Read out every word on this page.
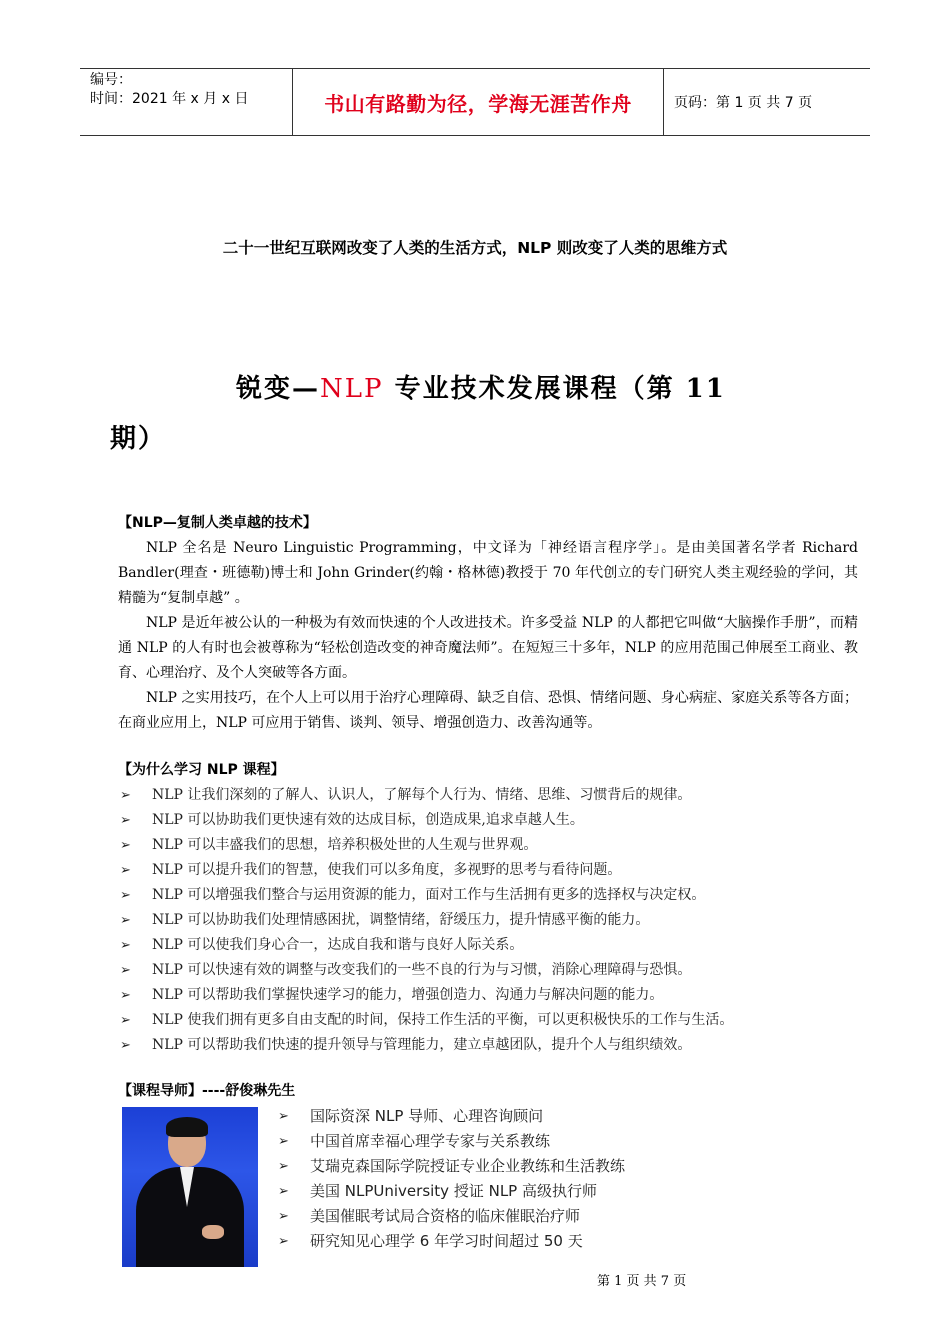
编号：
时间：2021 年 x 月 x 日	书山有路勤为径，学海无涯苦作舟	页码：第 1 页 共 7 页
二十一世纪互联网改变了人类的生活方式，NLP 则改变了人类的思维方式
锐变—NLP 专业技术发展课程（第 11
期）
【NLP—复制人类卓越的技术】

NLP 全名是 Neuro Linguistic Programming，中文译为「神经语言程序学」。是由美国著名学者 Richard Bandler(理查・班德勒)博士和 John Grinder(约翰・格林德)教授于 70 年代创立的专门研究人类主观经验的学问，其精髓为“复制卓越” 。

NLP 是近年被公认的一种极为有效而快速的个人改进技术。许多受益 NLP 的人都把它叫做“大脑操作手册”，而精通 NLP 的人有时也会被尊称为“轻松创造改变的神奇魔法师”。在短短三十多年，NLP 的应用范围己伸展至工商业、教育、心理治疗、及个人突破等各方面。

NLP 之实用技巧，在个人上可以用于治疗心理障碍、缺乏自信、恐惧、情绪问题、身心病症、家庭关系等各方面；在商业应用上，NLP 可应用于销售、谈判、领导、增强创造力、改善沟通等。

【为什么学习 NLP 课程】
➢ NLP 让我们深刻的了解人、认识人，了解每个人行为、情绪、思维、习惯背后的规律。
➢ NLP 可以协助我们更快速有效的达成目标，创造成果,追求卓越人生。
➢ NLP 可以丰盛我们的思想，培养积极处世的人生观与世界观。
➢ NLP 可以提升我们的智慧，使我们可以多角度，多视野的思考与看待问题。
➢ NLP 可以增强我们整合与运用资源的能力，面对工作与生活拥有更多的选择权与决定权。
➢ NLP 可以协助我们处理情感困扰，调整情绪，舒缓压力，提升情感平衡的能力。
➢ NLP 可以使我们身心合一，达成自我和谐与良好人际关系。
➢ NLP 可以快速有效的调整与改变我们的一些不良的行为与习惯，消除心理障碍与恐惧。
➢ NLP 可以帮助我们掌握快速学习的能力，增强创造力、沟通力与解决问题的能力。
➢ NLP 使我们拥有更多自由支配的时间，保持工作生活的平衡，可以更积极快乐的工作与生活。
➢ NLP 可以帮助我们快速的提升领导与管理能力，建立卓越团队，提升个人与组织绩效。
【课程导师】----舒俊琳先生
➢ 国际资深 NLP 导师、心理咨询顾问
➢ 中国首席幸福心理学专家与关系教练
➢ 艾瑞克森国际学院授证专业企业教练和生活教练
➢ 美国 NLPUniversity 授证 NLP 高级执行师
➢ 美国催眠考试局合资格的临床催眠治疗师
➢ 研究知见心理学 6 年学习时间超过 50 天
第 1 页 共 7 页
